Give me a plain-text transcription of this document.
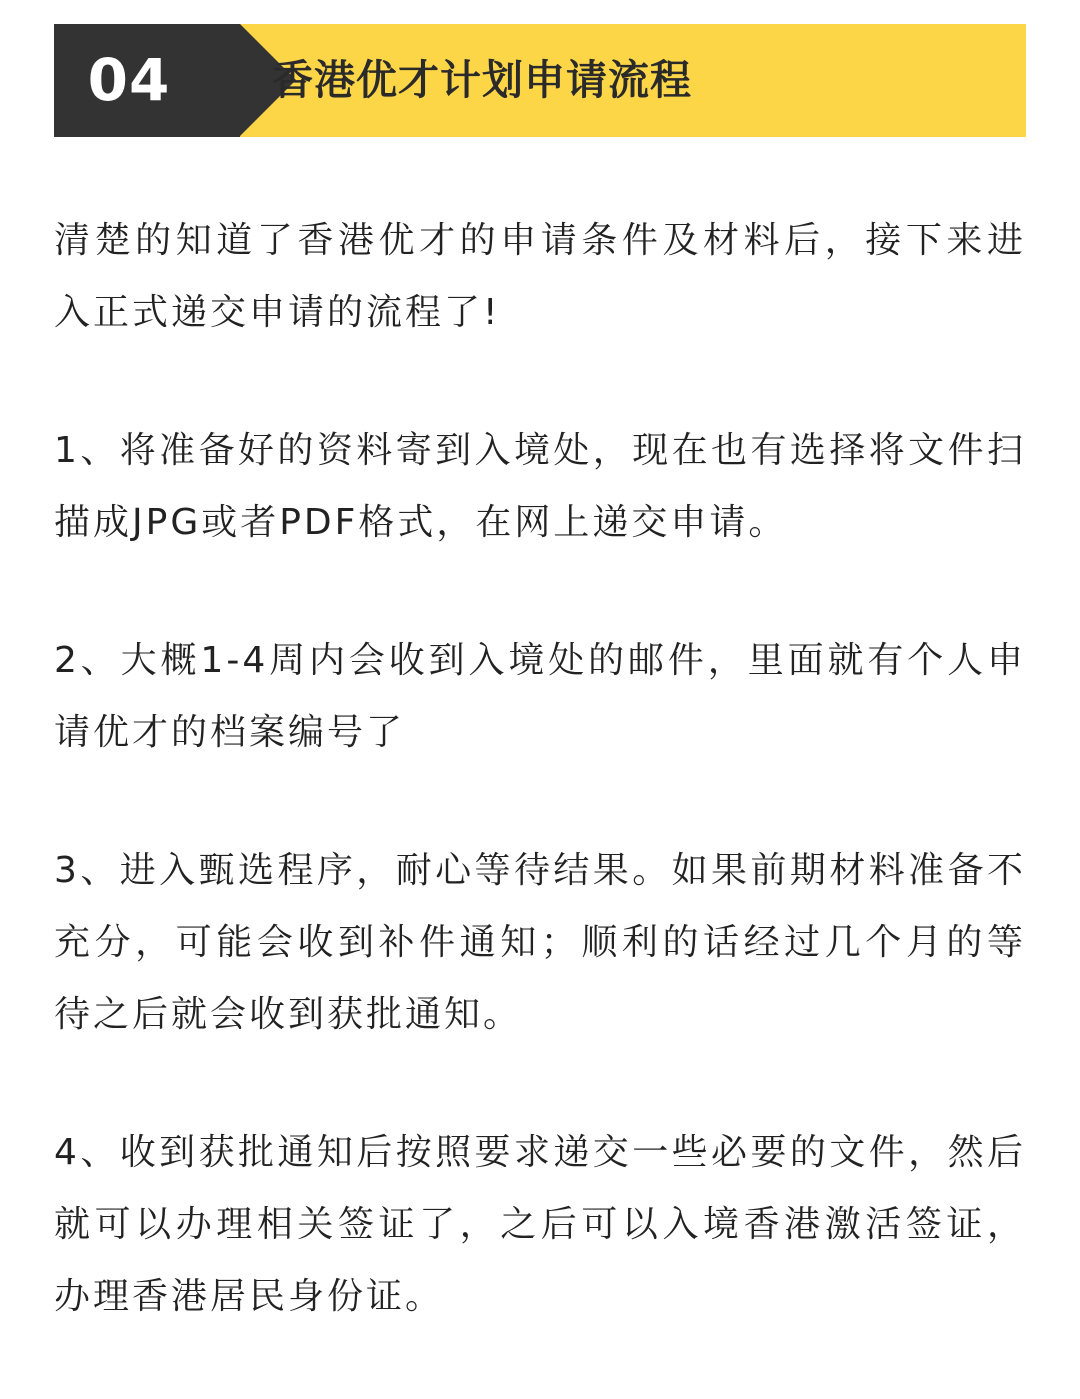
04	香港优才计划申请流程

清楚的知道了香港优才的申请条件及材料后，接下来进入正式递交申请的流程了!

1、将准备好的资料寄到入境处，现在也有选择将文件扫描成JPG或者PDF格式，在网上递交申请。

2、大概1-4周内会收到入境处的邮件，里面就有个人申请优才的档案编号了

3、进入甄选程序，耐心等待结果。如果前期材料准备不充分，可能会收到补件通知；顺利的话经过几个月的等待之后就会收到获批通知。

4、收到获批通知后按照要求递交一些必要的文件，然后就可以办理相关签证了，之后可以入境香港激活签证，办理香港居民身份证。
